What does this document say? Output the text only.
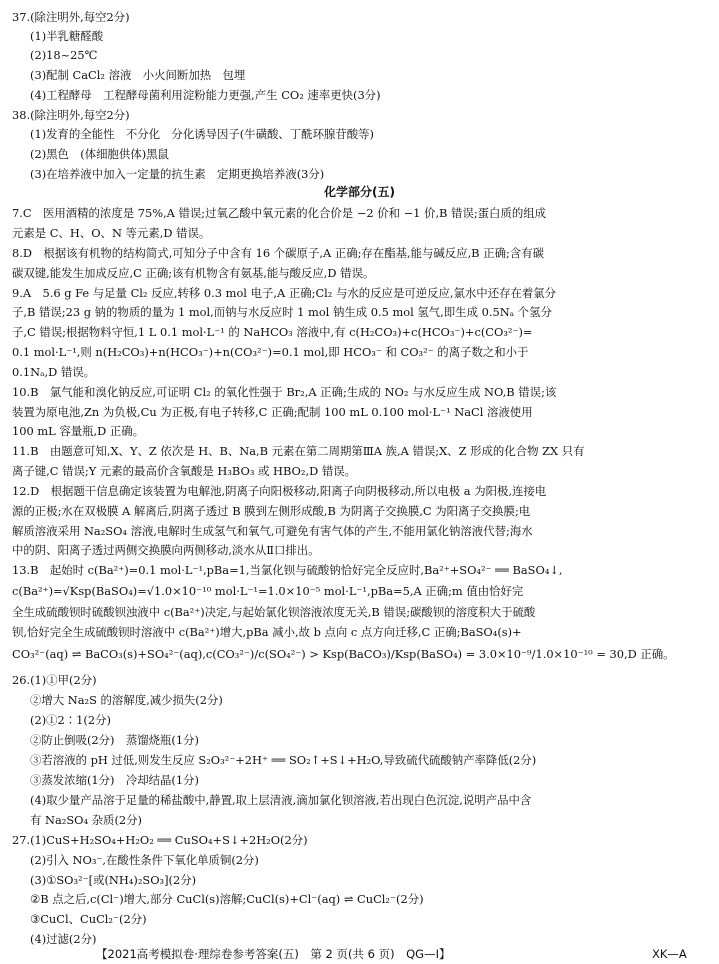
37.(除注明外,每空2分)
(1)半乳糖醛酸
(2)18~25℃
(3)配制 CaCl₂ 溶液　小火间断加热　包埋
(4)工程酵母　工程酵母菌利用淀粉能力更强,产生 CO₂ 速率更快(3分)
38.(除注明外,每空2分)
(1)发育的全能性　不分化　分化诱导因子(牛磺酸、丁酰环腺苷酸等)
(2)黑色　(体细胞供体)黑鼠
(3)在培养液中加入一定量的抗生素　定期更换培养液(3分)
化学部分(五)
7.C　医用酒精的浓度是 75%,A 错误;过氧乙酸中氧元素的化合价是 −2 价和 −1 价,B 错误;蛋白质的组成
元素是 C、H、O、N 等元素,D 错误。
8.D　根据该有机物的结构简式,可知分子中含有 16 个碳原子,A 正确;存在酯基,能与碱反应,B 正确;含有碳
碳双键,能发生加成反应,C 正确;该有机物含有氨基,能与酸反应,D 错误。
9.A　5.6 g Fe 与足量 Cl₂ 反应,转移 0.3 mol 电子,A 正确;Cl₂ 与水的反应是可逆反应,氯水中还存在着氯分
子,B 错误;23 g 钠的物质的量为 1 mol,而钠与水反应时 1 mol 钠生成 0.5 mol 氢气,即生成 0.5Nₐ 个氢分
子,C 错误;根据物料守恒,1 L 0.1 mol·L⁻¹ 的 NaHCO₃ 溶液中,有 c(H₂CO₃)+c(HCO₃⁻)+c(CO₃²⁻)=
0.1 mol·L⁻¹,则 n(H₂CO₃)+n(HCO₃⁻)+n(CO₃²⁻)=0.1 mol,即 HCO₃⁻ 和 CO₃²⁻ 的离子数之和小于
0.1Nₐ,D 错误。
10.B　氯气能和溴化钠反应,可证明 Cl₂ 的氧化性强于 Br₂,A 正确;生成的 NO₂ 与水反应生成 NO,B 错误;该
装置为原电池,Zn 为负极,Cu 为正极,有电子转移,C 正确;配制 100 mL 0.100 mol·L⁻¹ NaCl 溶液使用
100 mL 容量瓶,D 正确。
11.B　由题意可知,X、Y、Z 依次是 H、B、Na,B 元素在第二周期第ⅢA 族,A 错误;X、Z 形成的化合物 ZX 只有
离子键,C 错误;Y 元素的最高价含氧酸是 H₃BO₃ 或 HBO₂,D 错误。
12.D　根据题干信息确定该装置为电解池,阴离子向阳极移动,阳离子向阴极移动,所以电极 a 为阳极,连接电
源的正极;水在双极膜 A 解离后,阴离子透过 B 膜到左侧形成酸,B 为阴离子交换膜,C 为阳离子交换膜;电
解质溶液采用 Na₂SO₄ 溶液,电解时生成氢气和氧气,可避免有害气体的产生,不能用氯化钠溶液代替;海水
中的阴、阳离子透过两侧交换膜向两侧移动,淡水从Ⅱ口排出。
13.B　起始时 c(Ba²⁺)=0.1 mol·L⁻¹,pBa=1,当氯化钡与硫酸钠恰好完全反应时,Ba²⁺+SO₄²⁻ ══ BaSO₄↓,
c(Ba²⁺)=√Ksp(BaSO₄)=√1.0×10⁻¹⁰ mol·L⁻¹=1.0×10⁻⁵ mol·L⁻¹,pBa=5,A 正确;m 值由恰好完
全生成硫酸钡时硫酸钡浊液中 c(Ba²⁺)决定,与起始氯化钡溶液浓度无关,B 错误;碳酸钡的溶度积大于硫酸
钡,恰好完全生成硫酸钡时溶液中 c(Ba²⁺)增大,pBa 减小,故 b 点向 c 点方向迁移,C 正确;BaSO₄(s)+
CO₃²⁻(aq) ⇌ BaCO₃(s)+SO₄²⁻(aq),c(CO₃²⁻)/c(SO₄²⁻) > Ksp(BaCO₃)/Ksp(BaSO₄) = 3.0×10⁻⁹/1.0×10⁻¹⁰ = 30,D 正确。
26.(1)①甲(2分)
②增大 Na₂S 的溶解度,减少损失(2分)
(2)①2∶1(2分)
②防止倒吸(2分)　蒸馏烧瓶(1分)
③若溶液的 pH 过低,则发生反应 S₂O₃²⁻+2H⁺ ══ SO₂↑+S↓+H₂O,导致硫代硫酸钠产率降低(2分)
③蒸发浓缩(1分)　冷却结晶(1分)
(4)取少量产品溶于足量的稀盐酸中,静置,取上层清液,滴加氯化钡溶液,若出现白色沉淀,说明产品中含
有 Na₂SO₄ 杂质(2分)
27.(1)CuS+H₂SO₄+H₂O₂ ══ CuSO₄+S↓+2H₂O(2分)
(2)引入 NO₃⁻,在酸性条件下氧化单质铜(2分)
(3)①SO₃²⁻[或(NH₄)₂SO₃](2分)
②B 点之后,c(Cl⁻)增大,部分 CuCl(s)溶解;CuCl(s)+Cl⁻(aq) ⇌ CuCl₂⁻(2分)
③CuCl、CuCl₂⁻(2分)
(4)过滤(2分)
【2021高考模拟卷·理综卷参考答案(五)　第 2 页(共 6 页)　QG—Ⅰ】	XK—A
